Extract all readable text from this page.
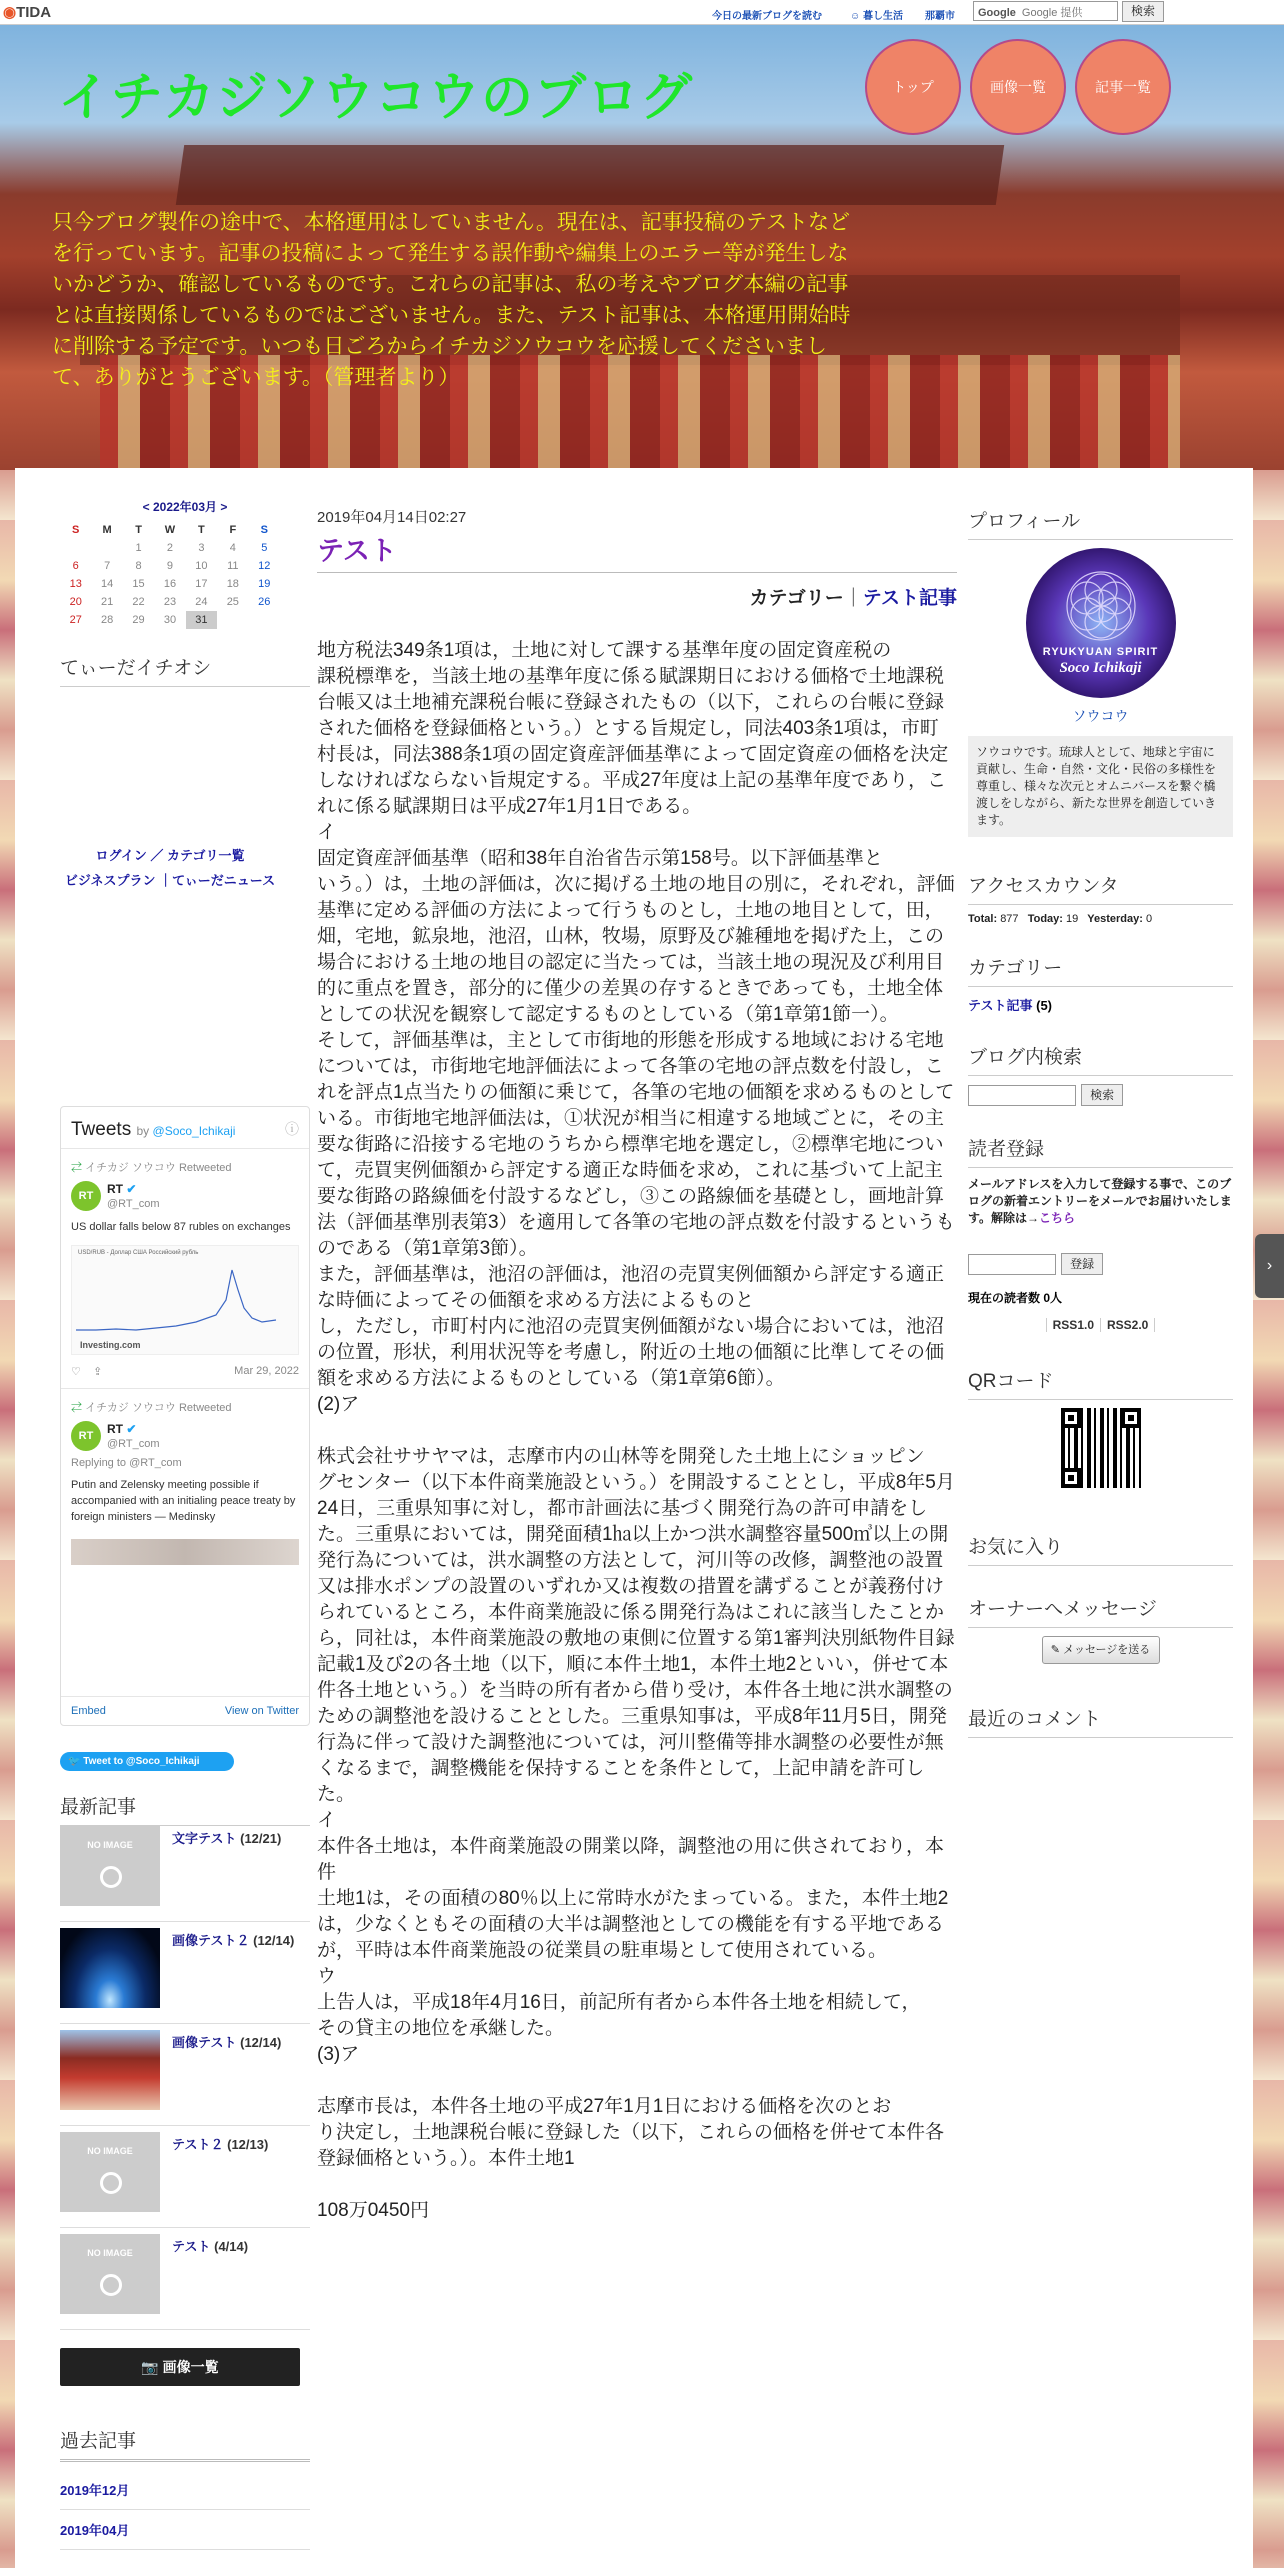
◉TIDA	今日の最新ブログを読む	☺ 暮し生活 那覇市	Google Google 提供	検索
イチカジソウコウのブログ
只今ブログ製作の途中で、本格運用はしていません。現在は、記事投稿のテストなどを行っています。記事の投稿によって発生する誤作動や編集上のエラー等が発生しないかどうか、確認しているものです。これらの記事は、私の考えやブログ本編の記事とは直接関係しているものではございません。また、テスト記事は、本格運用開始時に削除する予定です。いつも日ごろからイチカジソウコウを応援してくださいまして、ありがとうございます。（管理者より）
トップ	画像一覧	記事一覧
< 2022年03月 >
S	M	T	W	T	F	S
		1	2	3	4	5
6	7	8	9	10	11	12
13	14	15	16	17	18	19
20	21	22	23	24	25	26
27	28	29	30	31		
てぃーだイチオシ
ログイン ／ カテゴリ一覧
ビジネスプラン ｜てぃーだニュース
Tweets by @Soco_Ichikaji	ⓘ
⇄ イチカジ ソウコウ Retweeted
RTRT ✔
@RT_com
US dollar falls below 87 rubles on exchanges
USD/RUB - Доллар США Российский рубль
Investing.com
♡ ⇪	Mar 29, 2022
⇄ イチカジ ソウコウ Retweeted
RTRT ✔
@RT_com
Replying to @RT_com
Putin and Zelensky meeting possible if accompanied with an initialing peace treaty by foreign ministers — Medinsky
Embed	View on Twitter
🐦 Tweet to @Soco_Ichikaji
最新記事
NO IMAGE	文字テスト (12/21)
画像テスト２ (12/14)
画像テスト (12/14)
NO IMAGE	テスト２ (12/13)
NO IMAGE	テスト (4/14)
📷 画像一覧
過去記事
2019年12月
2019年04月
2019年04月14日02:27
テスト
カテゴリー｜テスト記事
地方税法349条1項は，土地に対して課する基準年度の固定資産税の
課税標準を，当該土地の基準年度に係る賦課期日における価格で土地課税台帳又は土地補充課税台帳に登録されたもの（以下，これらの台帳に登録された価格を登録価格という。）とする旨規定し，同法403条1項は，市町村長は，同法388条1項の固定資産評価基準によって固定資産の価格を決定しなければならない旨規定する。平成27年度は上記の基準年度であり，これに係る賦課期日は平成27年1月1日である。
イ
固定資産評価基準（昭和38年自治省告示第158号。以下評価基準と
いう。）は，土地の評価は，次に掲げる土地の地目の別に，それぞれ，評価基準に定める評価の方法によって行うものとし，土地の地目として，田，畑，宅地，鉱泉地，池沼，山林，牧場，原野及び雑種地を掲げた上，この場合における土地の地目の認定に当たっては，当該土地の現況及び利用目的に重点を置き，部分的に僅少の差異の存するときであっても，土地全体としての状況を観察して認定するものとしている（第1章第1節一）。
そして，評価基準は，主として市街地的形態を形成する地域における宅地については，市街地宅地評価法によって各筆の宅地の評点数を付設し，これを評点1点当たりの価額に乗じて，各筆の宅地の価額を求めるものとしている。市街地宅地評価法は，①状況が相当に相違する地域ごとに，その主要な街路に沿接する宅地のうちから標準宅地を選定し，②標準宅地について，売買実例価額から評定する適正な時価を求め，これに基づいて上記主要な街路の路線価を付設するなどし，③この路線価を基礎とし，画地計算法（評価基準別表第3）を適用して各筆の宅地の評点数を付設するというものである（第1章第3節）。
また，評価基準は，池沼の評価は，池沼の売買実例価額から評定する適正な時価によってその価額を求める方法によるものと
し，ただし，市町村内に池沼の売買実例価額がない場合においては，池沼の位置，形状，利用状況等を考慮し，附近の土地の価額に比準してその価額を求める方法によるものとしている（第1章第6節）。
(2)ア

株式会社ササヤマは，志摩市内の山林等を開発した土地上にショッピン
グセンター（以下本件商業施設という。）を開設することとし，平成8年5月24日，三重県知事に対し，都市計画法に基づく開発行為の許可申請をした。三重県においては，開発面積1㏊以上かつ洪水調整容量500㎥以上の開発行為については，洪水調整の方法として，河川等の改修，調整池の設置又は排水ポンプの設置のいずれか又は複数の措置を講ずることが義務付けられているところ，本件商業施設に係る開発行為はこれに該当したことから，同社は，本件商業施設の敷地の東側に位置する第1審判決別紙物件目録記載1及び2の各土地（以下，順に本件土地1，本件土地2といい，併せて本件各土地という。）を当時の所有者から借り受け，本件各土地に洪水調整のための調整池を設けることとした。三重県知事は，平成8年11月5日，開発行為に伴って設けた調整池については，河川整備等排水調整の必要性が無くなるまで，調整機能を保持することを条件として，上記申請を許可した。
イ
本件各土地は，本件商業施設の開業以降，調整池の用に供されており，本件
土地1は，その面積の80％以上に常時水がたまっている。また，本件土地2は，少なくともその面積の大半は調整池としての機能を有する平地であるが，平時は本件商業施設の従業員の駐車場として使用されている。
ウ
上告人は，平成18年4月16日，前記所有者から本件各土地を相続して，
その貸主の地位を承継した。
(3)ア

志摩市長は，本件各土地の平成27年1月1日における価格を次のとお
り決定し，土地課税台帳に登録した（以下，これらの価格を併せて本件各登録価格という。）。本件土地1

108万0450円
プロフィール
RYUKYUAN SPIRIT
Soco Ichikaji
ソウコウ
ソウコウです。琉球人として、地球と宇宙に貢献し、生命・自然・文化・民俗の多様性を尊重し、様々な次元とオムニバースを繋ぐ橋渡しをしながら、新たな世界を創造していきます。
アクセスカウンタ
Total: 877 Today: 19 Yesterday: 0
カテゴリー
テスト記事 (5)
ブログ内検索
検索
読者登録
メールアドレスを入力して登録する事で、このブログの新着エントリーをメールでお届けいたします。解除は→こちら
登録
現在の読者数 0人
RSS1.0 RSS2.0
QRコード
お気に入り
オーナーへメッセージ
✎ メッセージを送る
最近のコメント
›
